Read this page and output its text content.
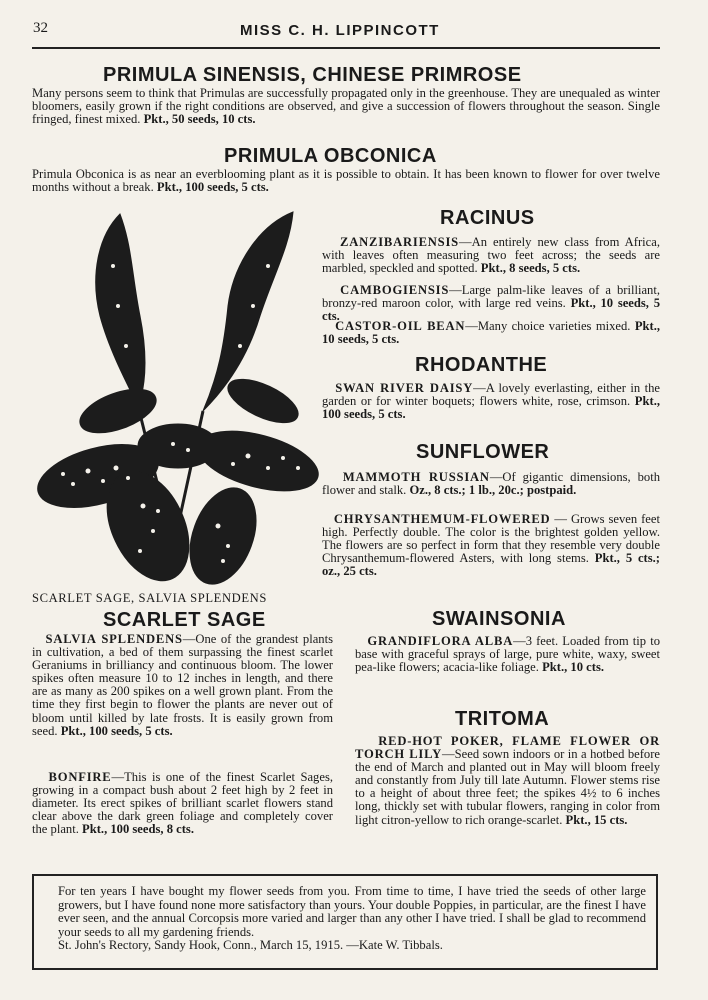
32	MISS C. H. LIPPINCOTT
PRIMULA SINENSIS, CHINESE PRIMROSE
Many persons seem to think that Primulas are successfully propagated only in the greenhouse. They are unequaled as winter bloomers, easily grown if the right conditions are observed, and give a succession of flowers throughout the season. Single fringed, finest mixed. Pkt., 50 seeds, 10 cts.
PRIMULA OBCONICA
Primula Obconica is as near an everblooming plant as it is possible to obtain. It has been known to flower for over twelve months without a break. Pkt., 100 seeds, 5 cts.
SCARLET SAGE, SALVIA SPLENDENS
RACINUS
ZANZIBARIENSIS—An entirely new class from Africa, with leaves often measuring two feet across; the seeds are marbled, speckled and spotted. Pkt., 8 seeds, 5 cts.
CAMBOGIENSIS—Large palm-like leaves of a brilliant, bronzy-red maroon color, with large red veins. Pkt., 10 seeds, 5 cts.
CASTOR-OIL BEAN—Many choice varieties mixed. Pkt., 10 seeds, 5 cts.
RHODANTHE
SWAN RIVER DAISY—A lovely everlasting, either in the garden or for winter boquets; flowers white, rose, crimson. Pkt., 100 seeds, 5 cts.
SUNFLOWER
MAMMOTH RUSSIAN—Of gigantic dimensions, both flower and stalk. Oz., 8 cts.; 1 lb., 20c.; postpaid.
CHRYSANTHEMUM-FLOWERED — Grows seven feet high. Perfectly double. The color is the brightest golden yellow. The flowers are so perfect in form that they resemble very double Chrysanthemum-flowered Asters, with long stems. Pkt., 5 cts.; oz., 25 cts.
SCARLET SAGE
SALVIA SPLENDENS—One of the grandest plants in cultivation, a bed of them surpassing the finest scarlet Geraniums in brilliancy and continuous bloom. The lower spikes often measure 10 to 12 inches in length, and there are as many as 200 spikes on a well grown plant. From the time they first begin to flower the plants are never out of bloom until killed by late frosts. It is easily grown from seed. Pkt., 100 seeds, 5 cts.
BONFIRE—This is one of the finest Scarlet Sages, growing in a compact bush about 2 feet high by 2 feet in diameter. Its erect spikes of brilliant scarlet flowers stand clear above the dark green foliage and completely cover the plant. Pkt., 100 seeds, 8 cts.
SWAINSONIA
GRANDIFLORA ALBA—3 feet. Loaded from tip to base with graceful sprays of large, pure white, waxy, sweet pea-like flowers; acacia-like foliage. Pkt., 10 cts.
TRITOMA
RED-HOT POKER, FLAME FLOWER OR TORCH LILY—Seed sown indoors or in a hotbed before the end of March and planted out in May will bloom freely and constantly from July till late Autumn. Flower stems rise to a height of about three feet; the spikes 4½ to 6 inches long, thickly set with tubular flowers, ranging in color from light citron-yellow to rich orange-scarlet. Pkt., 15 cts.
For ten years I have bought my flower seeds from you. From time to time, I have tried the seeds of other large growers, but I have found none more satisfactory than yours. Your double Poppies, in particular, are the finest I have ever seen, and the annual Corcopsis more varied and larger than any other I have tried. I shall be glad to recommend your seeds to all my gardening friends.
St. John's Rectory, Sandy Hook, Conn., March 15, 1915. —Kate W. Tibbals.
